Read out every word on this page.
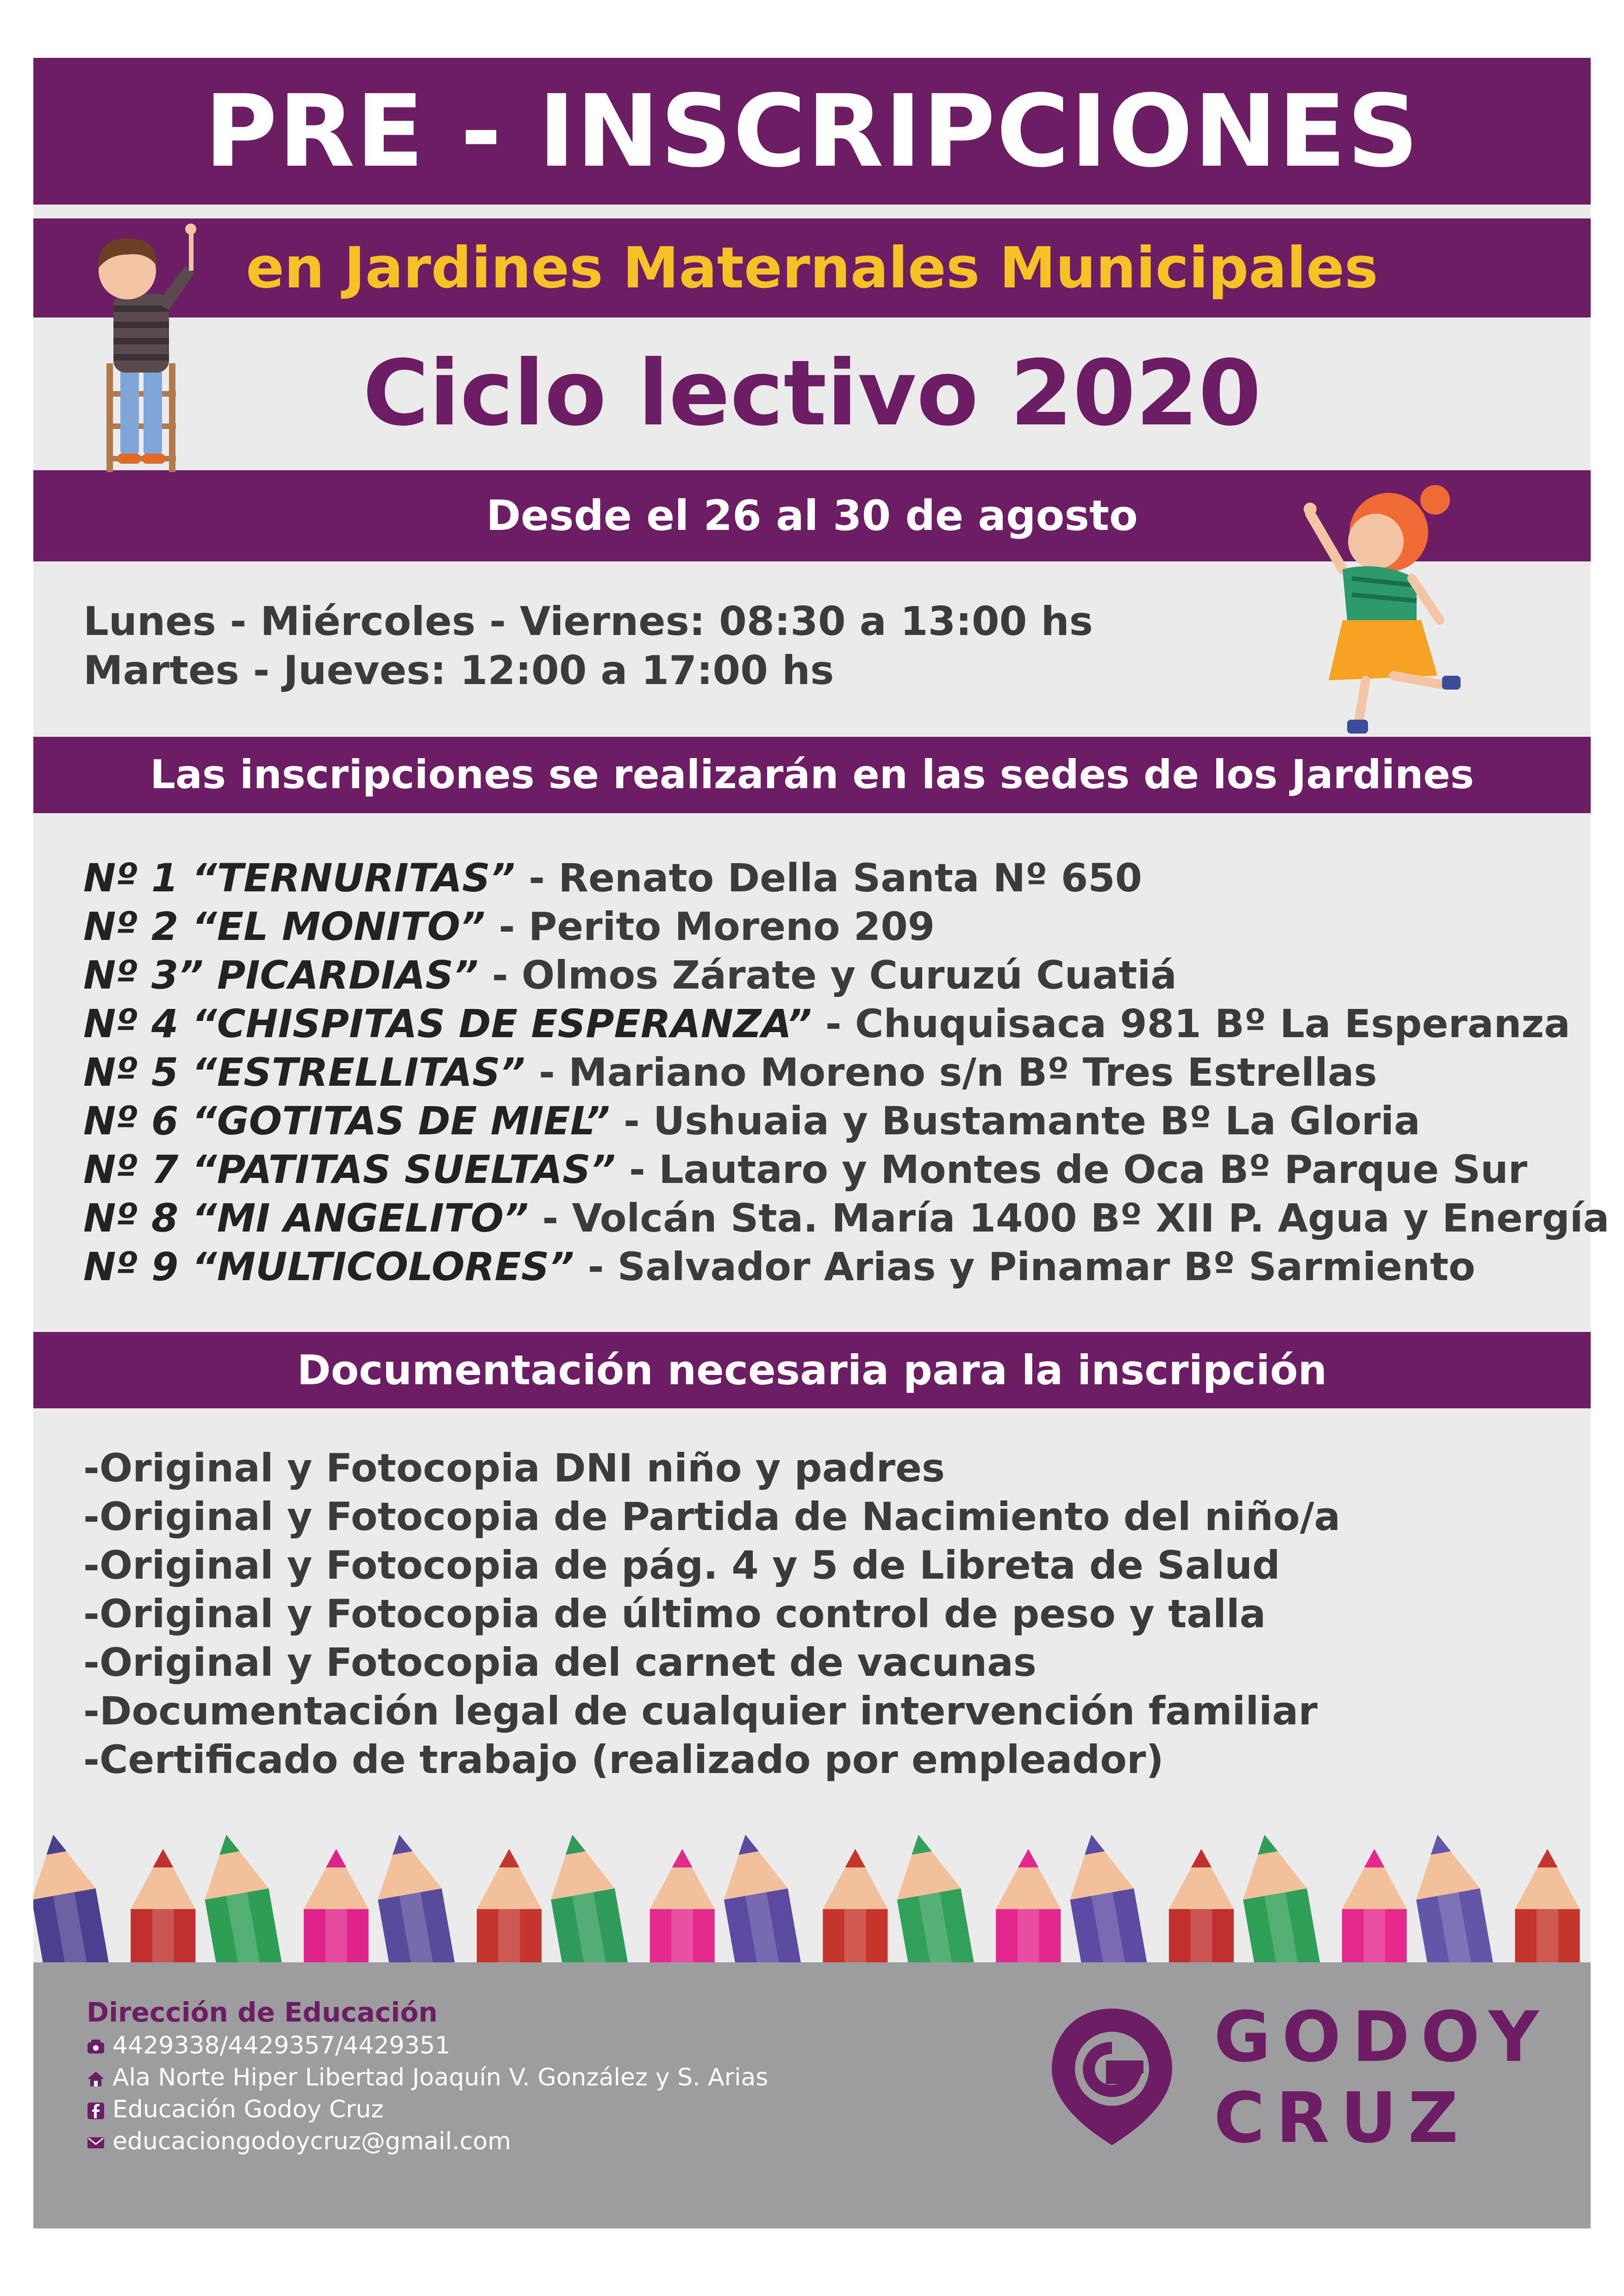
PRE - INSCRIPCIONES
en Jardines Maternales Municipales
Ciclo lectivo 2020
Desde el 26 al 30 de agosto
Lunes - Miércoles - Viernes: 08:30 a 13:00 hs
Martes - Jueves: 12:00 a 17:00 hs
Las inscripciones se realizarán en las sedes de los Jardines
Nº 1 “TERNURITAS” - Renato Della Santa Nº 650
Nº 2 “EL MONITO” - Perito Moreno 209
Nº 3” PICARDIAS” - Olmos Zárate y Curuzú Cuatiá
Nº 4 “CHISPITAS DE ESPERANZA” - Chuquisaca 981 Bº La Esperanza
Nº 5 “ESTRELLITAS” - Mariano Moreno s/n Bº Tres Estrellas
Nº 6 “GOTITAS DE MIEL” - Ushuaia y Bustamante Bº La Gloria
Nº 7 “PATITAS SUELTAS” - Lautaro y Montes de Oca Bº Parque Sur
Nº 8 “MI ANGELITO” - Volcán Sta. María 1400 Bº XII P. Agua y Energía
Nº 9 “MULTICOLORES” - Salvador Arias y Pinamar Bº Sarmiento
Documentación necesaria para la inscripción
-Original y Fotocopia DNI niño y padres
-Original y Fotocopia de Partida de Nacimiento del niño/a
-Original y Fotocopia de pág. 4 y 5 de Libreta de Salud
-Original y Fotocopia de último control de peso y talla
-Original y Fotocopia del carnet de vacunas
-Documentación legal de cualquier intervención familiar
-Certificado de trabajo (realizado por empleador)
Dirección de Educación
4429338/4429357/4429351
Ala Norte Hiper Libertad Joaquín V. González y S. Arias
Educación Godoy Cruz
educaciongodoycruz@gmail.com
GODOY
CRUZ
